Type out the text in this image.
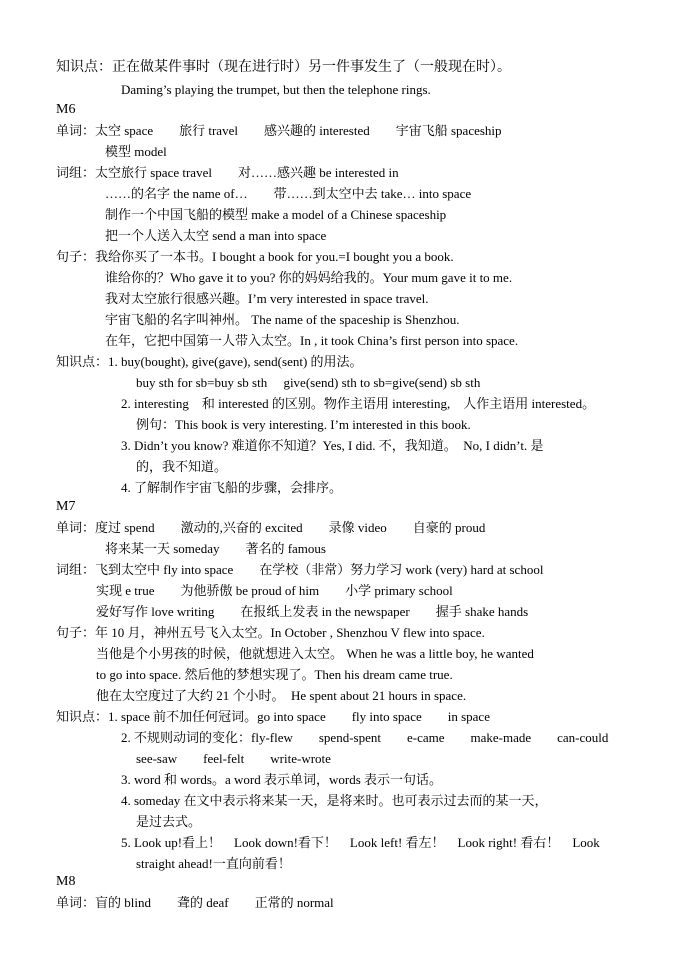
知识点：正在做某件事时（现在进行时）另一件事发生了（一般现在时）。
Daming’s playing the trumpet, but then the telephone rings.
M6
单词：太空 space　　旅行 travel　　感兴趣的 interested　　宇宙飞船 spaceship
模型 model
词组：太空旅行 space travel　　对……感兴趣 be interested in
……的名字 the name of…　　带……到太空中去 take… into space
制作一个中国飞船的模型 make a model of a Chinese spaceship
把一个人送入太空 send a man into space
句子：我给你买了一本书。I bought a book for you.=I bought you a book.
谁给你的？Who gave it to you? 你的妈妈给我的。Your mum gave it to me.
我对太空旅行很感兴趣。I’m very interested in space travel.
宇宙飞船的名字叫神州。 The name of the spaceship is Shenzhou.
在年，它把中国第一人带入太空。In , it took China’s first person into space.
知识点：1. buy(bought), give(gave), send(sent) 的用法。
buy sth for sb=buy sb sth　 give(send) sth to sb=give(send) sb sth
2. interesting　和 interested 的区别。物作主语用 interesting,　人作主语用 interested。
例句：This book is very interesting. I’m interested in this book.
3. Didn’t you know? 难道你不知道？Yes, I did. 不，我知道。　No, I didn’t. 是
的，我不知道。
4. 了解制作宇宙飞船的步骤，会排序。
M7
单词：度过 spend　　激动的,兴奋的 excited　　录像 video　　自豪的 proud
将来某一天 someday　　著名的 famous
词组：飞到太空中 fly into space　　在学校（非常）努力学习 work (very) hard at school
实现 e true　　为他骄傲 be proud of him　　小学 primary school
爱好写作 love writing　　在报纸上发表 in the newspaper　　握手 shake hands
句子：年 10 月，神州五号飞入太空。In October , Shenzhou V flew into space.
当他是个小男孩的时候，他就想进入太空。 When he was a little boy, he wanted
to go into space. 然后他的梦想实现了。Then his dream came true.
他在太空度过了大约 21 个小时。　He spent about 21 hours in space.
知识点：1. space 前不加任何冠词。go into space　　fly into space　　in space
2. 不规则动词的变化：fly-flew　　spend-spent　　e-came　　make-made　　can-could
see-saw　　feel-felt　　write-wrote
3. word 和 words。a word 表示单词，words 表示一句话。
4. someday 在文中表示将来某一天，是将来时。也可表示过去而的某一天，
是过去式。
5. Look up!看上！　Look down!看下！　Look left! 看左！　Look right! 看右！　Look
straight ahead!一直向前看！
M8
单词：盲的 blind　　聋的 deaf　　正常的 normal
